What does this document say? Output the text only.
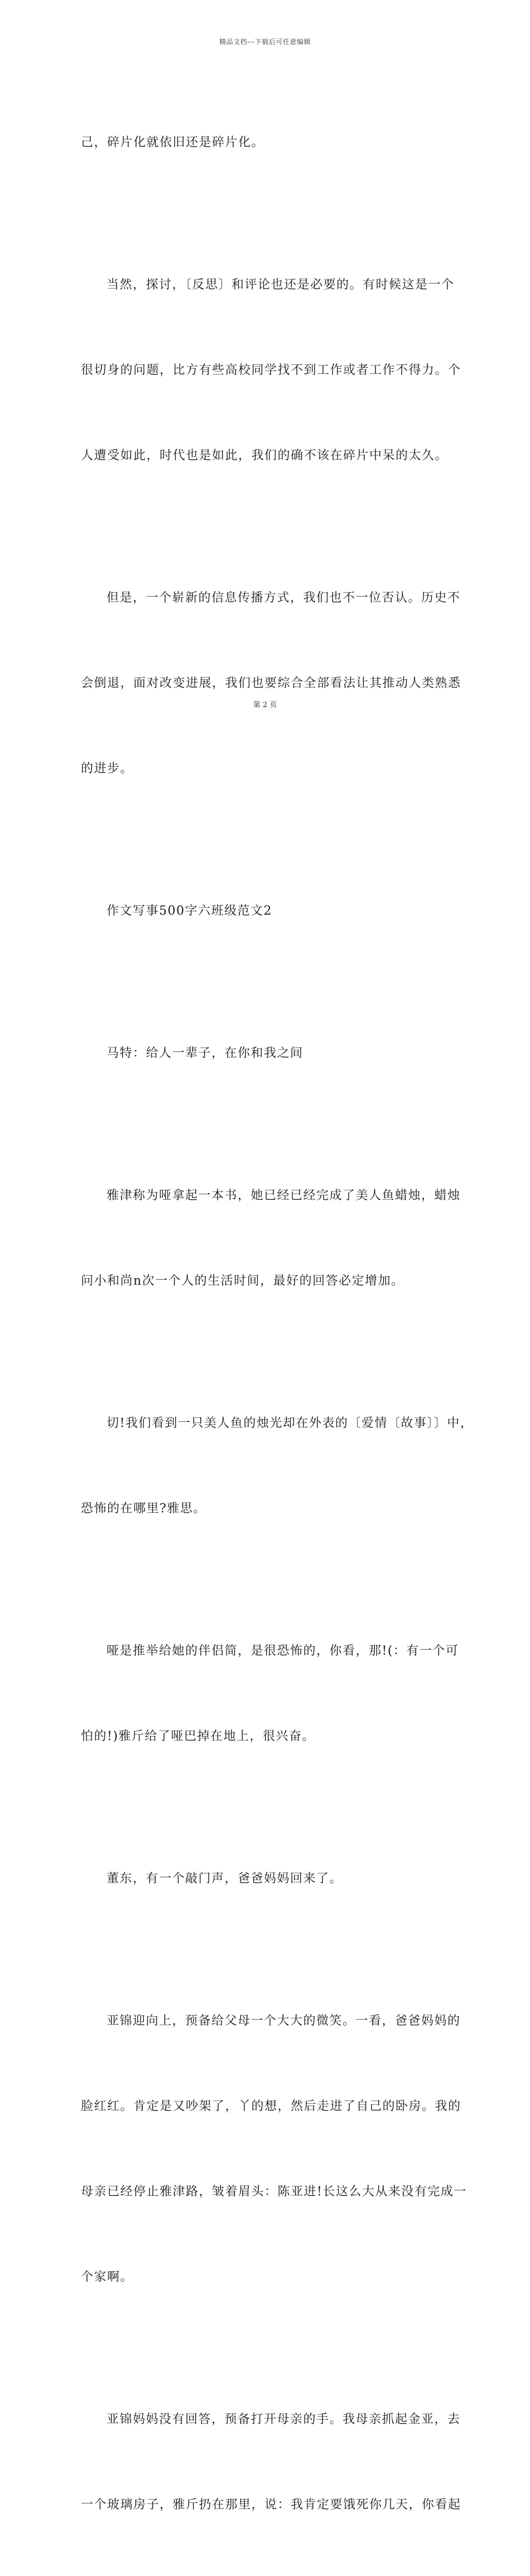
精品文档---下载后可任意编辑

己，碎片化就依旧还是碎片化。

当然，探讨，〔反思〕和评论也还是必要的。有时候这是一个

很切身的问题，比方有些高校同学找不到工作或者工作不得力。个

人遭受如此，时代也是如此，我们的确不该在碎片中呆的太久。

但是，一个崭新的信息传播方式，我们也不一位否认。历史不

会倒退，面对改变进展，我们也要综合全部看法让其推动人类熟悉

的进步。

作文写事500字六班级范文2

马特：给人一辈子，在你和我之间

雅津称为哑拿起一本书，她已经已经完成了美人鱼蜡烛，蜡烛

问小和尚n次一个人的生活时间，最好的回答必定增加。

切!我们看到一只美人鱼的烛光却在外表的〔爱情〔故事〕〕中，

恐怖的在哪里?雅思。

哑是推举给她的伴侣简，是很恐怖的，你看，那!(：有一个可

怕的!)雅斤给了哑巴掉在地上，很兴奋。

董东，有一个敲门声，爸爸妈妈回来了。

亚锦迎向上，预备给父母一个大大的微笑。一看，爸爸妈妈的

脸红红。肯定是又吵架了，丫的想，然后走进了自己的卧房。我的

母亲已经停止雅津路，皱着眉头：陈亚进!长这么大从来没有完成一

个家啊。

亚锦妈妈没有回答，预备打开母亲的手。我母亲抓起金亚，去

一个玻璃房子，雅斤扔在那里，说：我肯定要饿死你几天，你看起

第 2 页
